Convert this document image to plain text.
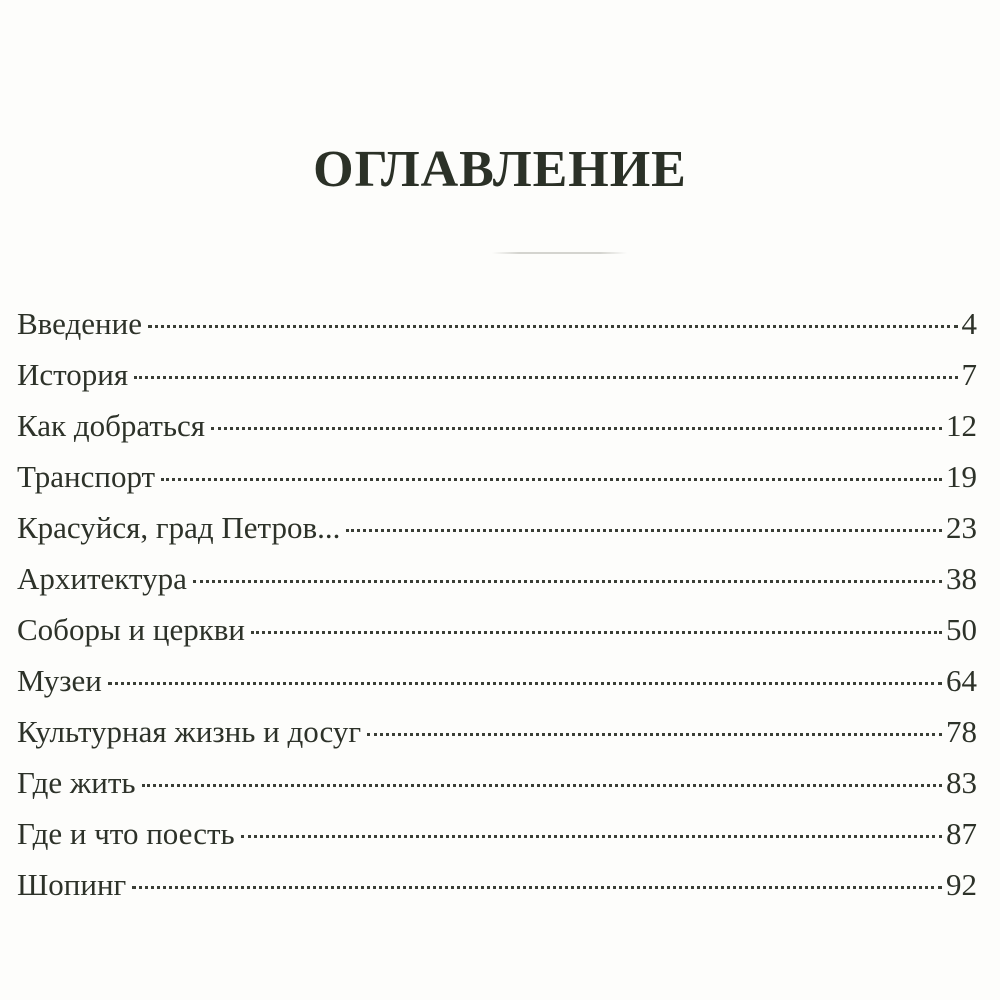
ОГЛАВЛЕНИЕ
Введение	4
История	7
Как добраться	12
Транспорт	19
Красуйся, град Петров...	23
Архитектура	38
Соборы и церкви	50
Музеи	64
Культурная жизнь и досуг	78
Где жить	83
Где и что поесть	87
Шопинг	92
